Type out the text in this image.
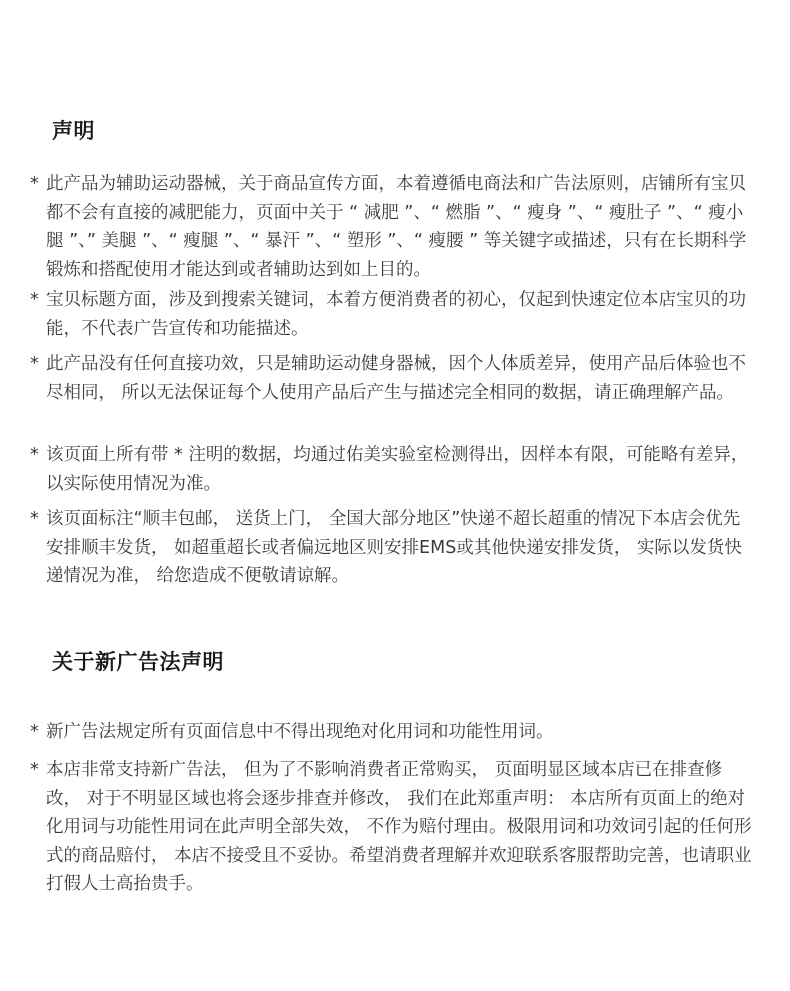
声明

* 此产品为辅助运动器械，关于商品宣传方面，本着遵循电商法和广告法原则，店铺所有宝贝都不会有直接的减肥能力，页面中关于 “ 减肥 ”、“ 燃脂 ”、“ 瘦身 ”、“ 瘦肚子 ”、“ 瘦小腿 ”、” 美腿 ”、“ 瘦腿 ”、“ 暴汗 ”、“ 塑形 ”、“ 瘦腰 ” 等关键字或描述，只有在长期科学锻炼和搭配使用才能达到或者辅助达到如上目的。

* 宝贝标题方面，涉及到搜索关键词，本着方便消费者的初心，仅起到快速定位本店宝贝的功能，不代表广告宣传和功能描述。

* 此产品没有任何直接功效，只是辅助运动健身器械，因个人体质差异，使用产品后体验也不尽相同， 所以无法保证每个人使用产品后产生与描述完全相同的数据，请正确理解产品。

* 该页面上所有带 * 注明的数据，均通过佑美实验室检测得出，因样本有限，可能略有差异，以实际使用情况为准。

* 该页面标注“顺丰包邮， 送货上门， 全国大部分地区”快递不超长超重的情况下本店会优先安排顺丰发货， 如超重超长或者偏远地区则安排EMS或其他快递安排发货， 实际以发货快递情况为准， 给您造成不便敬请谅解。

关于新广告法声明

* 新广告法规定所有页面信息中不得出现绝对化用词和功能性用词。

* 本店非常支持新广告法， 但为了不影响消费者正常购买， 页面明显区域本店已在排查修改， 对于不明显区域也将会逐步排查并修改， 我们在此郑重声明： 本店所有页面上的绝对化用词与功能性用词在此声明全部失效， 不作为赔付理由。极限用词和功效词引起的任何形式的商品赔付， 本店不接受且不妥协。希望消费者理解并欢迎联系客服帮助完善，也请职业打假人士高抬贵手。
